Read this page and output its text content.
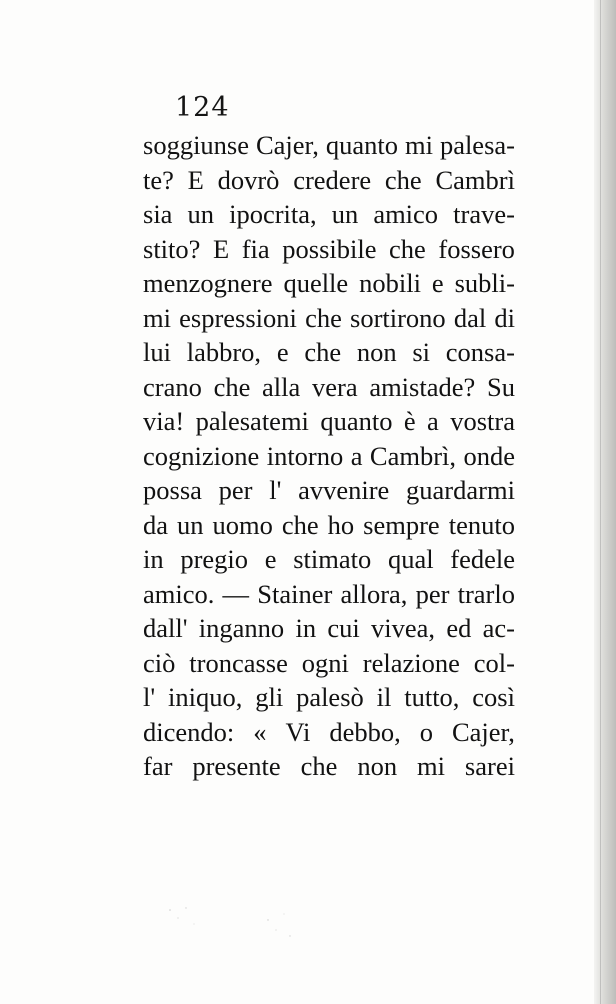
124
soggiunse Cajer, quanto mi palesa-
te? E dovrò credere che Cambrì
sia un ipocrita, un amico trave-
stito? E fia possibile che fossero
menzognere quelle nobili e subli-
mi espressioni che sortirono dal di
lui labbro, e che non si consa-
crano che alla vera amistade? Su
via! palesatemi quanto è a vostra
cognizione intorno a Cambrì, onde
possa per l' avvenire guardarmi
da un uomo che ho sempre tenuto
in pregio e stimato qual fedele
amico. — Stainer allora, per trarlo
dall' inganno in cui vivea, ed ac-
ciò troncasse ogni relazione col-
l' iniquo, gli palesò il tutto, così
dicendo: « Vi debbo, o Cajer,
far presente che non mi sarei
